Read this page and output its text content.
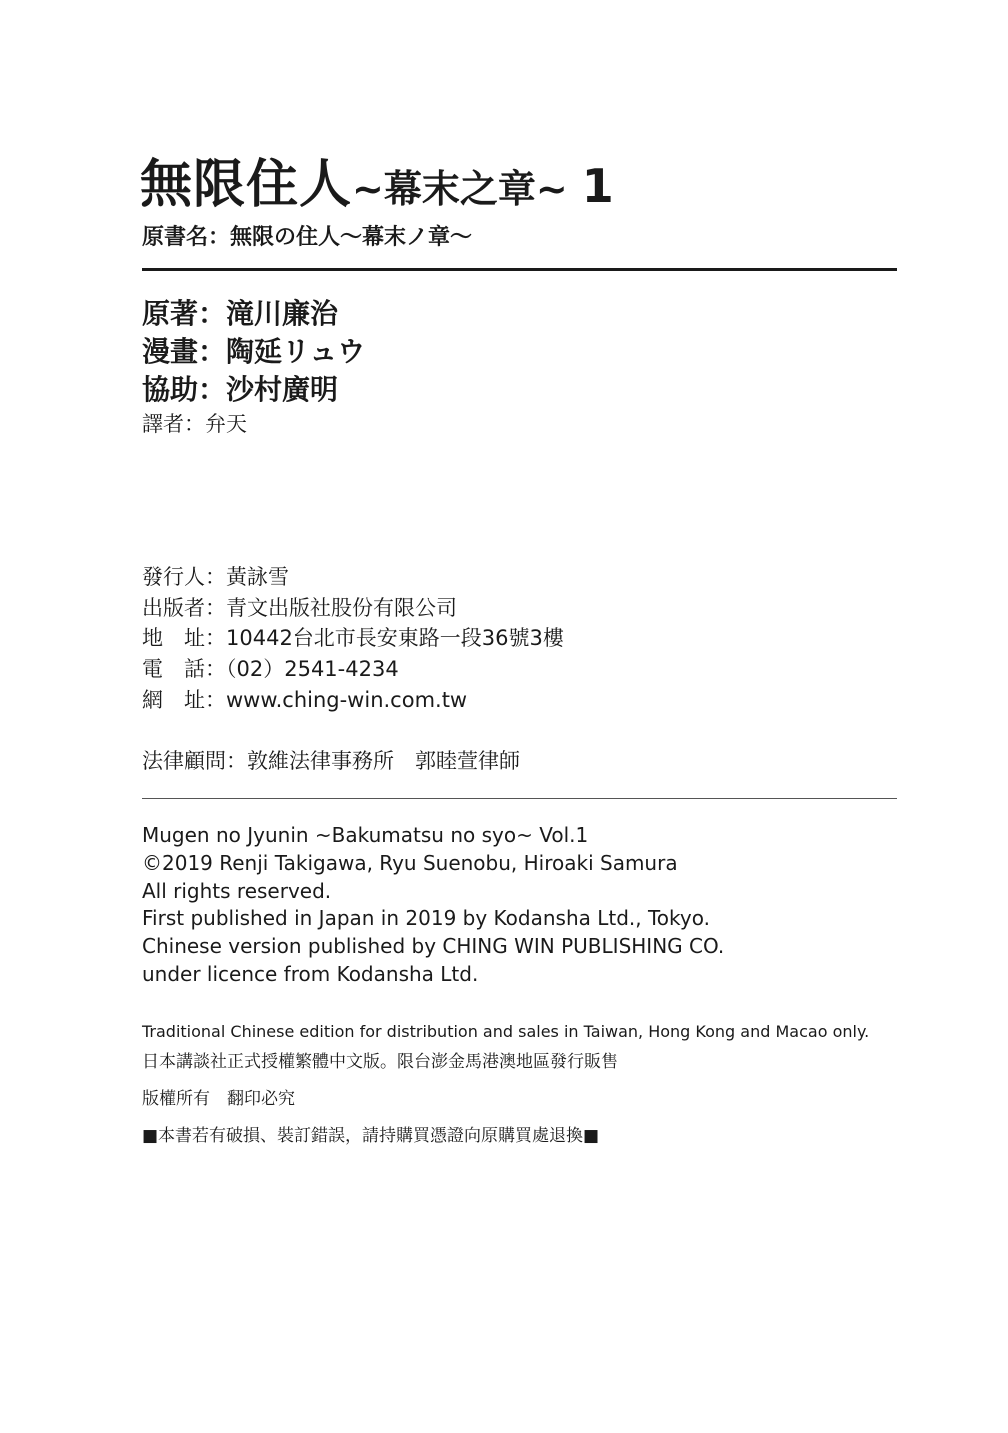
無限住人~幕末之章~ 1
原書名：無限の住人～幕末ノ章～
原著：滝川廉治
漫畫：陶延リュウ
協助：沙村廣明
譯者：弁天
發行人：黃詠雪
出版者：青文出版社股份有限公司
地　址：10442台北市長安東路一段36號3樓
電　話：（02）2541-4234
網　址：www.ching-win.com.tw
法律顧問：敦維法律事務所　郭睦萱律師
Mugen no Jyunin ~Bakumatsu no syo~ Vol.1
©2019 Renji Takigawa, Ryu Suenobu, Hiroaki Samura
All rights reserved.
First published in Japan in 2019 by Kodansha Ltd., Tokyo.
Chinese version published by CHING WIN PUBLISHING CO.
under licence from Kodansha Ltd.
Traditional Chinese edition for distribution and sales in Taiwan, Hong Kong and Macao only.
日本講談社正式授權繁體中文版。限台澎金馬港澳地區發行販售
版權所有　翻印必究
■本書若有破損、裝訂錯誤，請持購買憑證向原購買處退換■
